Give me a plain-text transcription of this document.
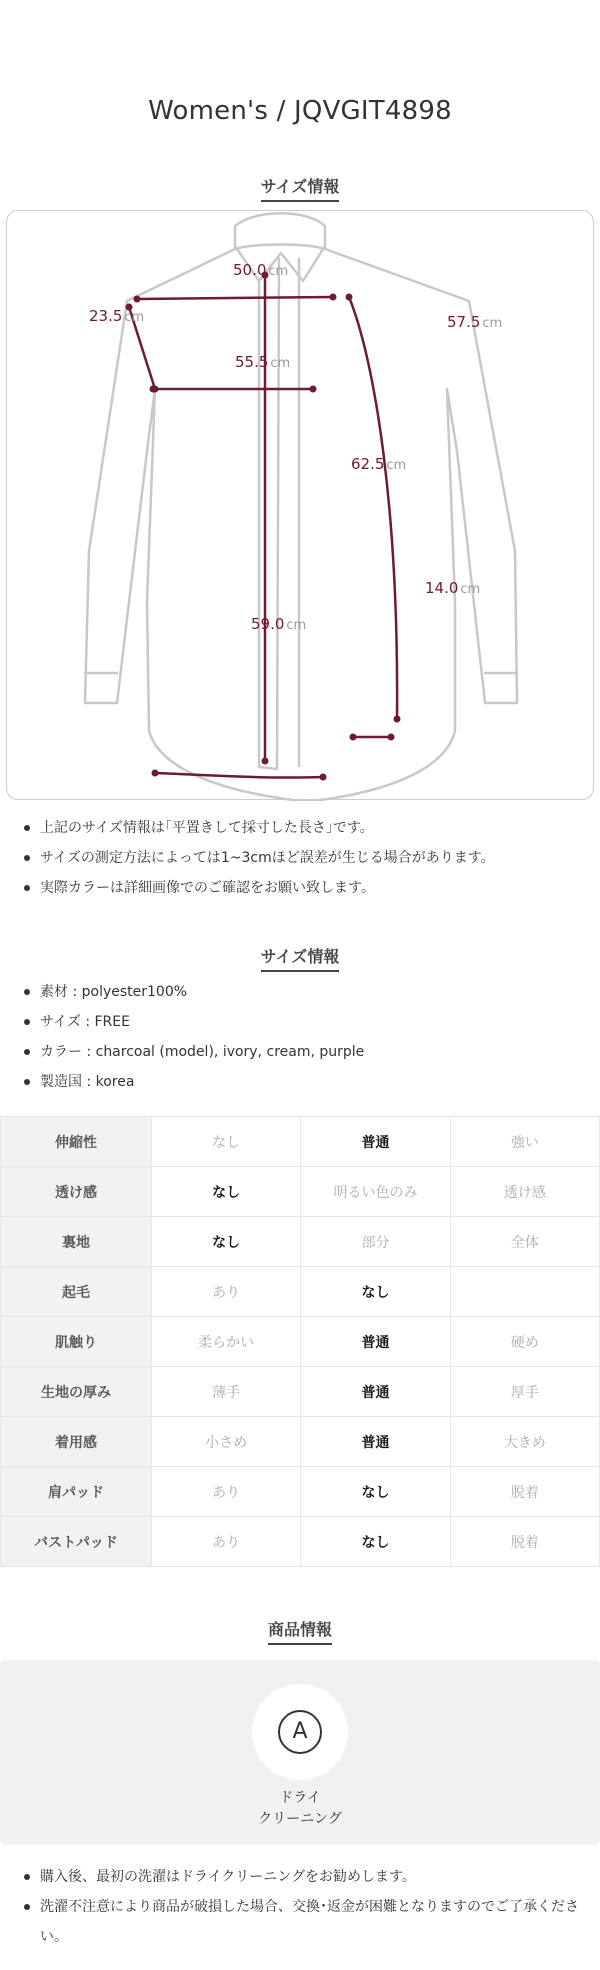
Women's / JQVGIT4898
サイズ情報
50.0 cm
23.5 cm
55.5 cm
57.5 cm
62.5 cm
14.0 cm
59.0 cm
上記のサイズ情報は｢平置きして採寸した長さ｣です。
サイズの測定方法によっては1~3cmほど誤差が生じる場合があります。
実際カラーは詳細画像でのご確認をお願い致します。
サイズ情報
素材 : polyester100%
サイズ : FREE
カラー : charcoal (model), ivory, cream, purple
製造国 : korea
伸縮性	なし	普通	強い
透け感	なし	明るい色のみ	透け感
裏地	なし	部分	全体
起毛	あり	なし	
肌触り	柔らかい	普通	硬め
生地の厚み	薄手	普通	厚手
着用感	小さめ	普通	大きめ
肩パッド	あり	なし	脱着
バストパッド	あり	なし	脱着
商品情報
A
ドライ
クリーニング
購入後、最初の洗濯はドライクリーニングをお勧めします。
洗濯不注意により商品が破損した場合、交換･返金が困難となりますのでご了承ください。
